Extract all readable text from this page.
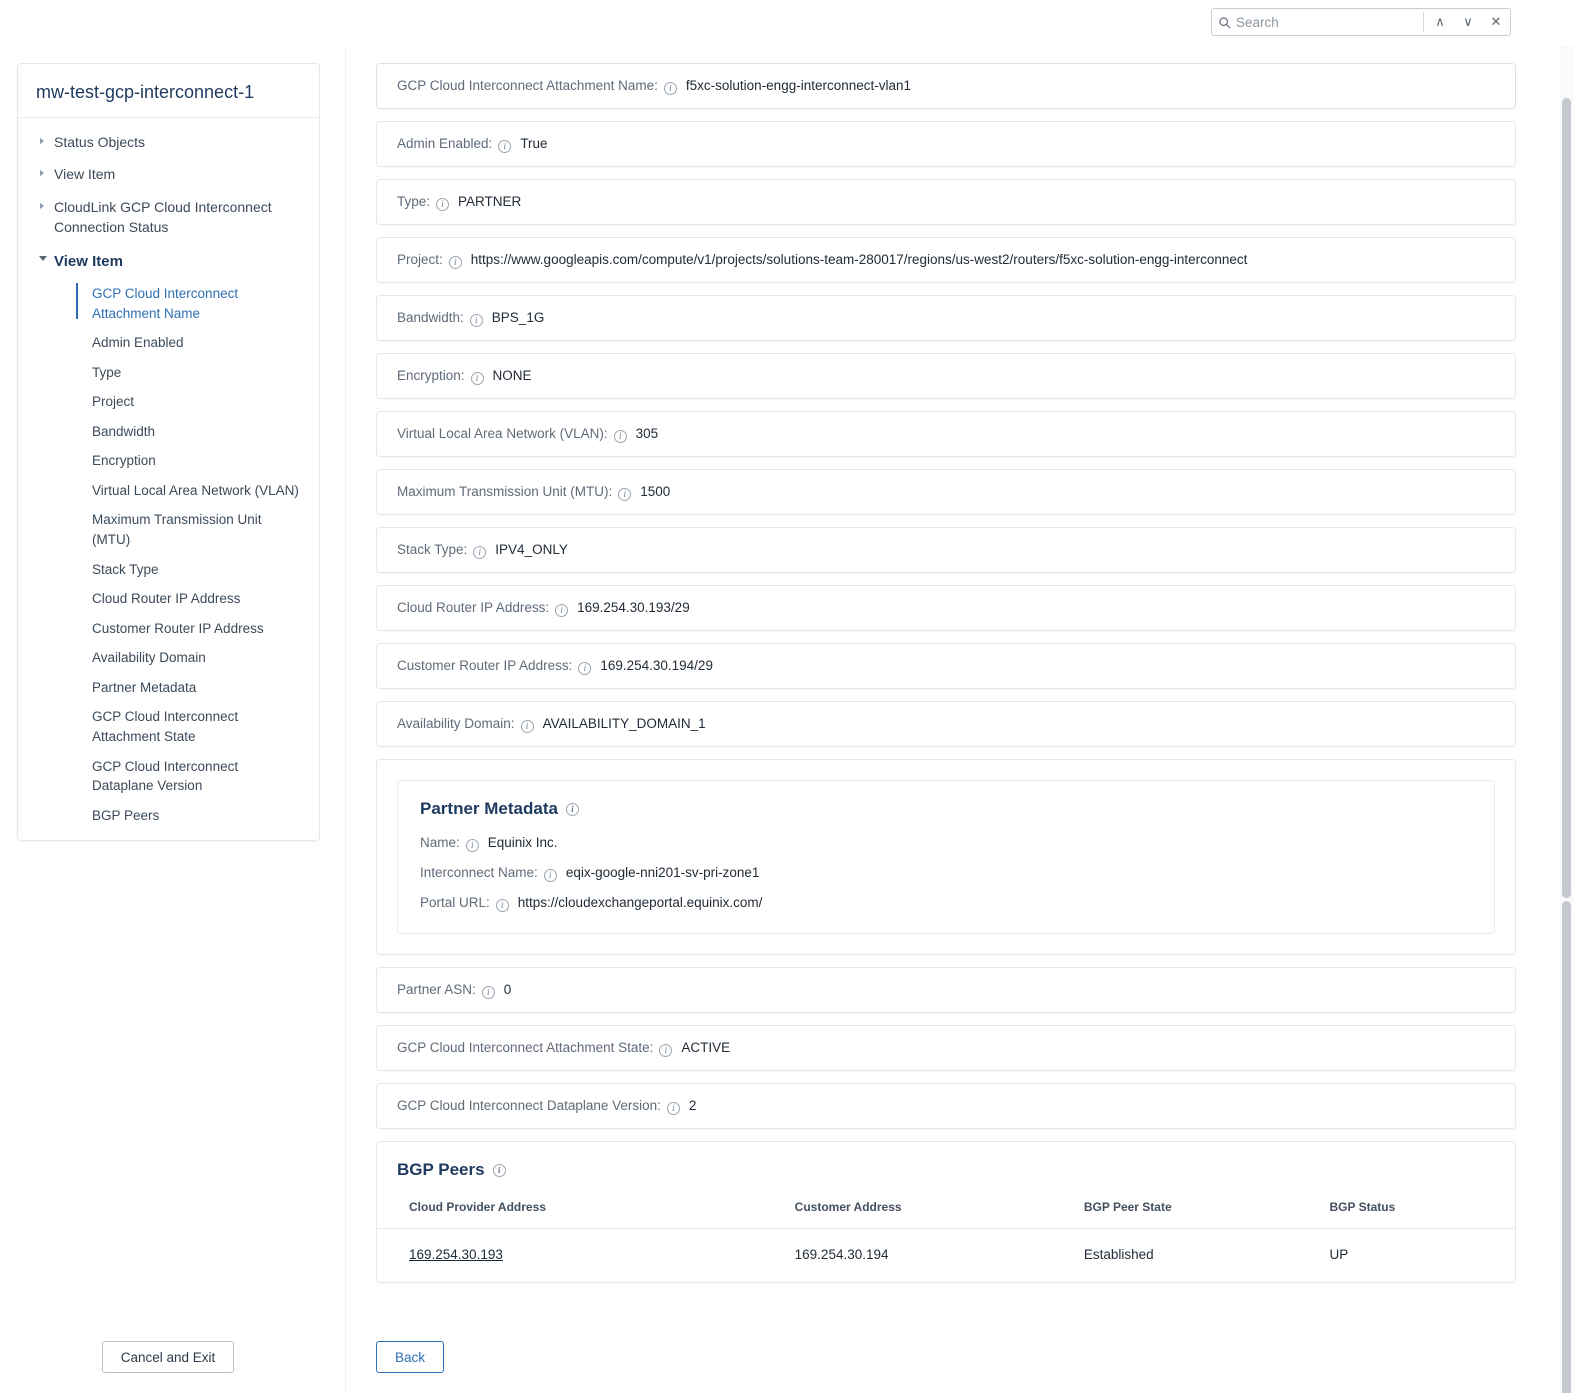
Search
∧	∨	✕
mw-test-gcp-interconnect-1
Status Objects
View Item
CloudLink GCP Cloud Interconnect Connection Status
View Item
GCP Cloud Interconnect Attachment Name
Admin Enabled
Type
Project
Bandwidth
Encryption
Virtual Local Area Network (VLAN)
Maximum Transmission Unit (MTU)
Stack Type
Cloud Router IP Address
Customer Router IP Address
Availability Domain
Partner Metadata
GCP Cloud Interconnect Attachment State
GCP Cloud Interconnect Dataplane Version
BGP Peers
GCP Cloud Interconnect Attachment Name:	i	f5xc-solution-engg-interconnect-vlan1
Admin Enabled:	i	True
Type:	i	PARTNER
Project:	i	https://www.googleapis.com/compute/v1/projects/solutions-team-280017/regions/us-west2/routers/f5xc-solution-engg-interconnect
Bandwidth:	i	BPS_1G
Encryption:	i	NONE
Virtual Local Area Network (VLAN):	i	305
Maximum Transmission Unit (MTU):	i	1500
Stack Type:	i	IPV4_ONLY
Cloud Router IP Address:	i	169.254.30.193/29
Customer Router IP Address:	i	169.254.30.194/29
Availability Domain:	i	AVAILABILITY_DOMAIN_1
Partner Metadata	i
Name:	i	Equinix Inc.
Interconnect Name:	i	eqix-google-nni201-sv-pri-zone1
Portal URL:	i	https://cloudexchangeportal.equinix.com/
Partner ASN:	i	0
GCP Cloud Interconnect Attachment State:	i	ACTIVE
GCP Cloud Interconnect Dataplane Version:	i	2
BGP Peers	i
Cloud Provider Address	Customer Address	BGP Peer State	BGP Status
169.254.30.193	169.254.30.194	Established	UP
Cancel and Exit	Back
